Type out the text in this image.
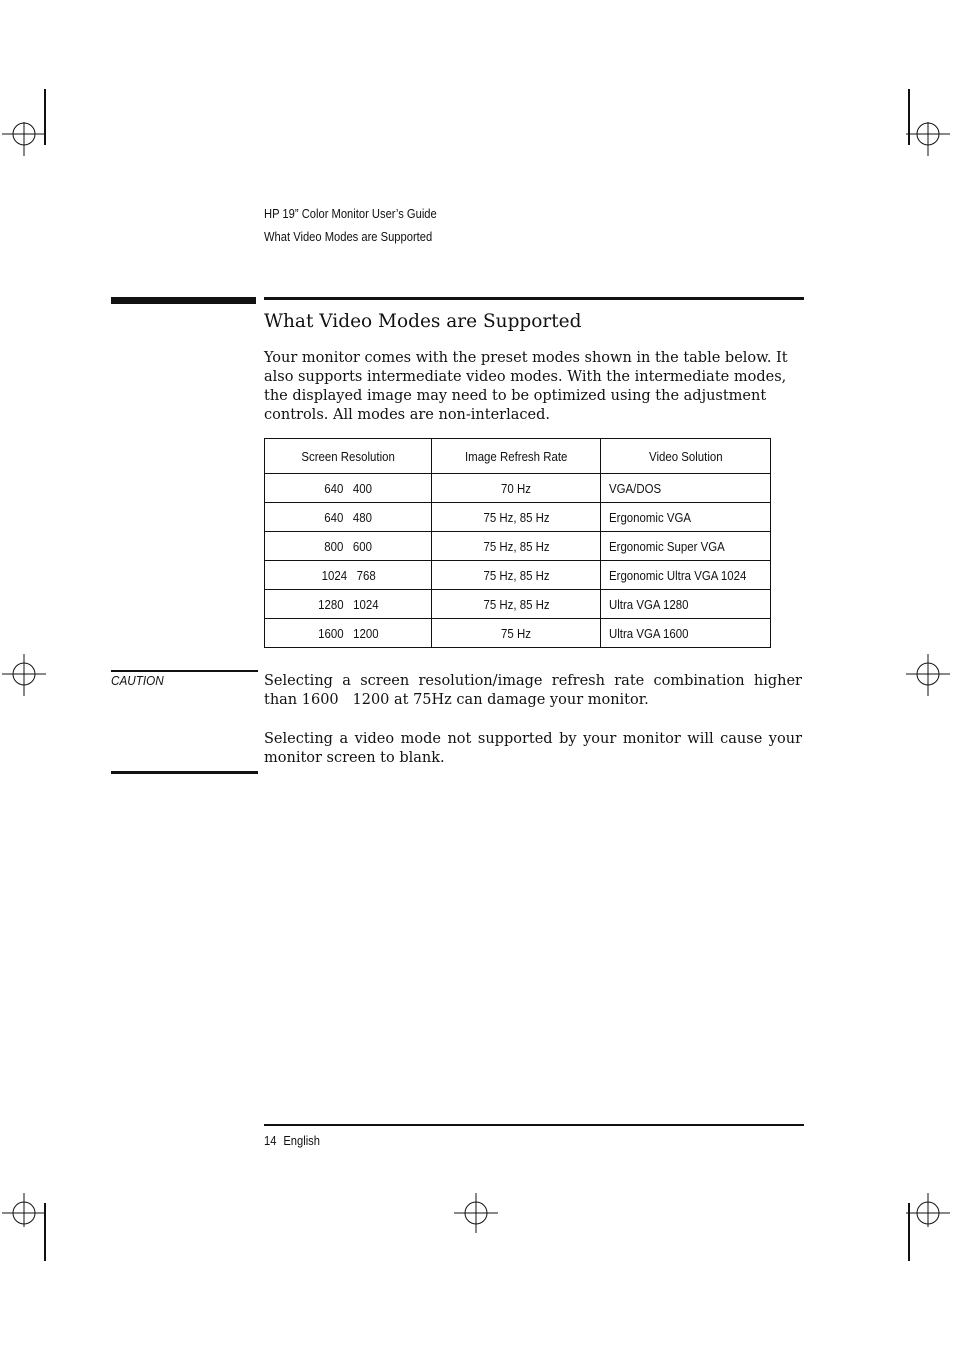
HP 19” Color Monitor User’s Guide
What Video Modes are Supported
What Video Modes are Supported
Your monitor comes with the preset modes shown in the table below. It also supports intermediate video modes. With the intermediate modes, the displayed image may need to be optimized using the adjustment controls. All modes are non-interlaced.
Screen Resolution	Image Refresh Rate	Video Solution
640   400	70 Hz	VGA/DOS
640   480	75 Hz, 85 Hz	Ergonomic VGA
800   600	75 Hz, 85 Hz	Ergonomic Super VGA
1024   768	75 Hz, 85 Hz	Ergonomic Ultra VGA 1024
1280   1024	75 Hz, 85 Hz	Ultra VGA 1280
1600   1200	75 Hz	Ultra VGA 1600
CAUTION	Selecting a screen resolution/image refresh rate combination higher than 1600   1200 at 75Hz can damage your monitor.

Selecting a video mode not supported by your monitor will cause your monitor screen to blank.

14 English
